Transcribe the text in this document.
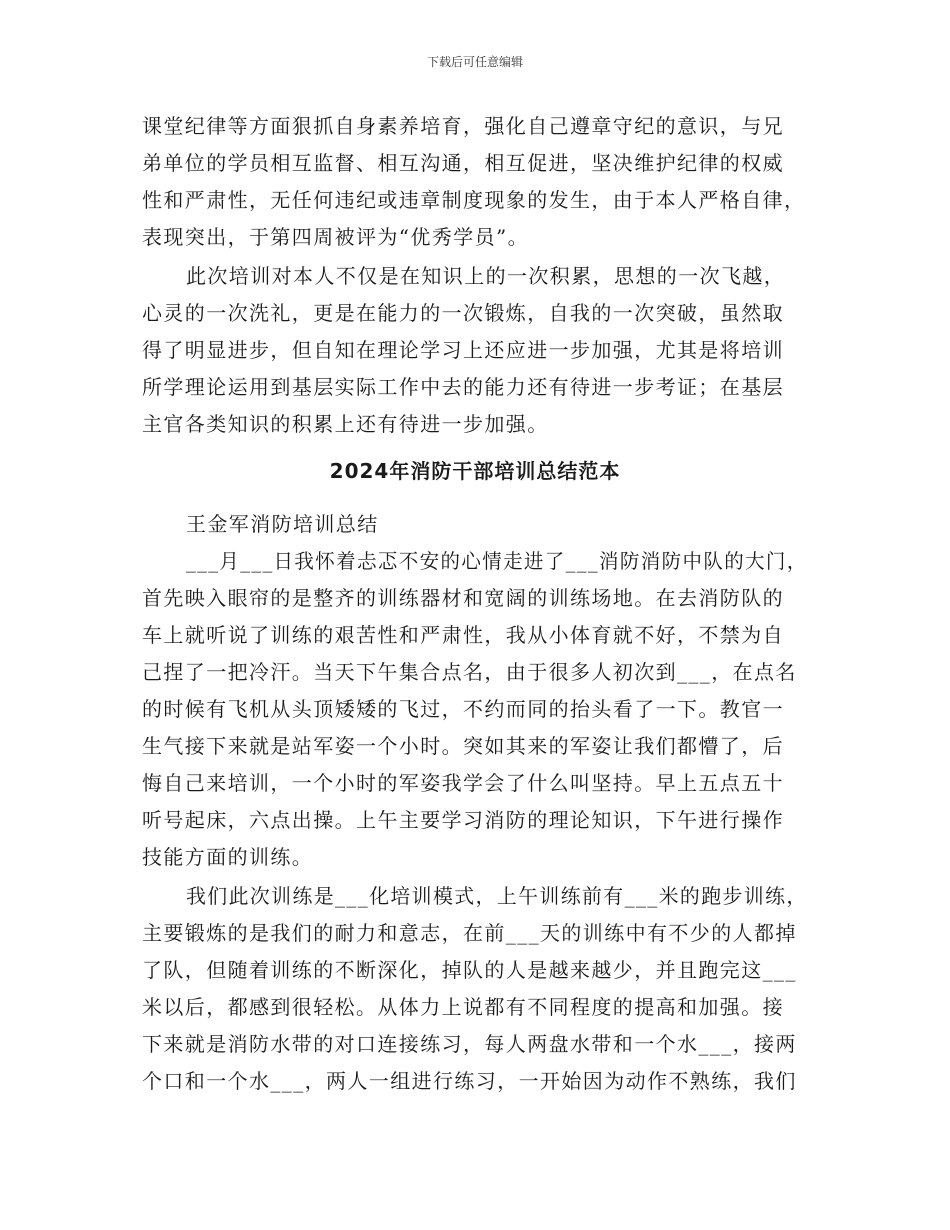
下载后可任意编辑
课堂纪律等方面狠抓自身素养培育，强化自己遵章守纪的意识，与兄
弟单位的学员相互监督、相互沟通，相互促进，坚决维护纪律的权威
性和严肃性，无任何违纪或违章制度现象的发生，由于本人严格自律，
表现突出，于第四周被评为“优秀学员”。
此次培训对本人不仅是在知识上的一次积累，思想的一次飞越，
心灵的一次洗礼，更是在能力的一次锻炼，自我的一次突破，虽然取
得了明显进步，但自知在理论学习上还应进一步加强，尤其是将培训
所学理论运用到基层实际工作中去的能力还有待进一步考证；在基层
主官各类知识的积累上还有待进一步加强。
2024年消防干部培训总结范本
王金军消防培训总结
___月___日我怀着忐忑不安的心情走进了___消防消防中队的大门，
首先映入眼帘的是整齐的训练器材和宽阔的训练场地。在去消防队的
车上就听说了训练的艰苦性和严肃性，我从小体育就不好，不禁为自
己捏了一把冷汗。当天下午集合点名，由于很多人初次到___，在点名
的时候有飞机从头顶矮矮的飞过，不约而同的抬头看了一下。教官一
生气接下来就是站军姿一个小时。突如其来的军姿让我们都懵了，后
悔自己来培训，一个小时的军姿我学会了什么叫坚持。早上五点五十
听号起床，六点出操。上午主要学习消防的理论知识，下午进行操作
技能方面的训练。
我们此次训练是___化培训模式，上午训练前有___米的跑步训练，
主要锻炼的是我们的耐力和意志，在前___天的训练中有不少的人都掉
了队，但随着训练的不断深化，掉队的人是越来越少，并且跑完这___
米以后，都感到很轻松。从体力上说都有不同程度的提高和加强。接
下来就是消防水带的对口连接练习，每人两盘水带和一个水___，接两
个口和一个水___，两人一组进行练习，一开始因为动作不熟练，我们
